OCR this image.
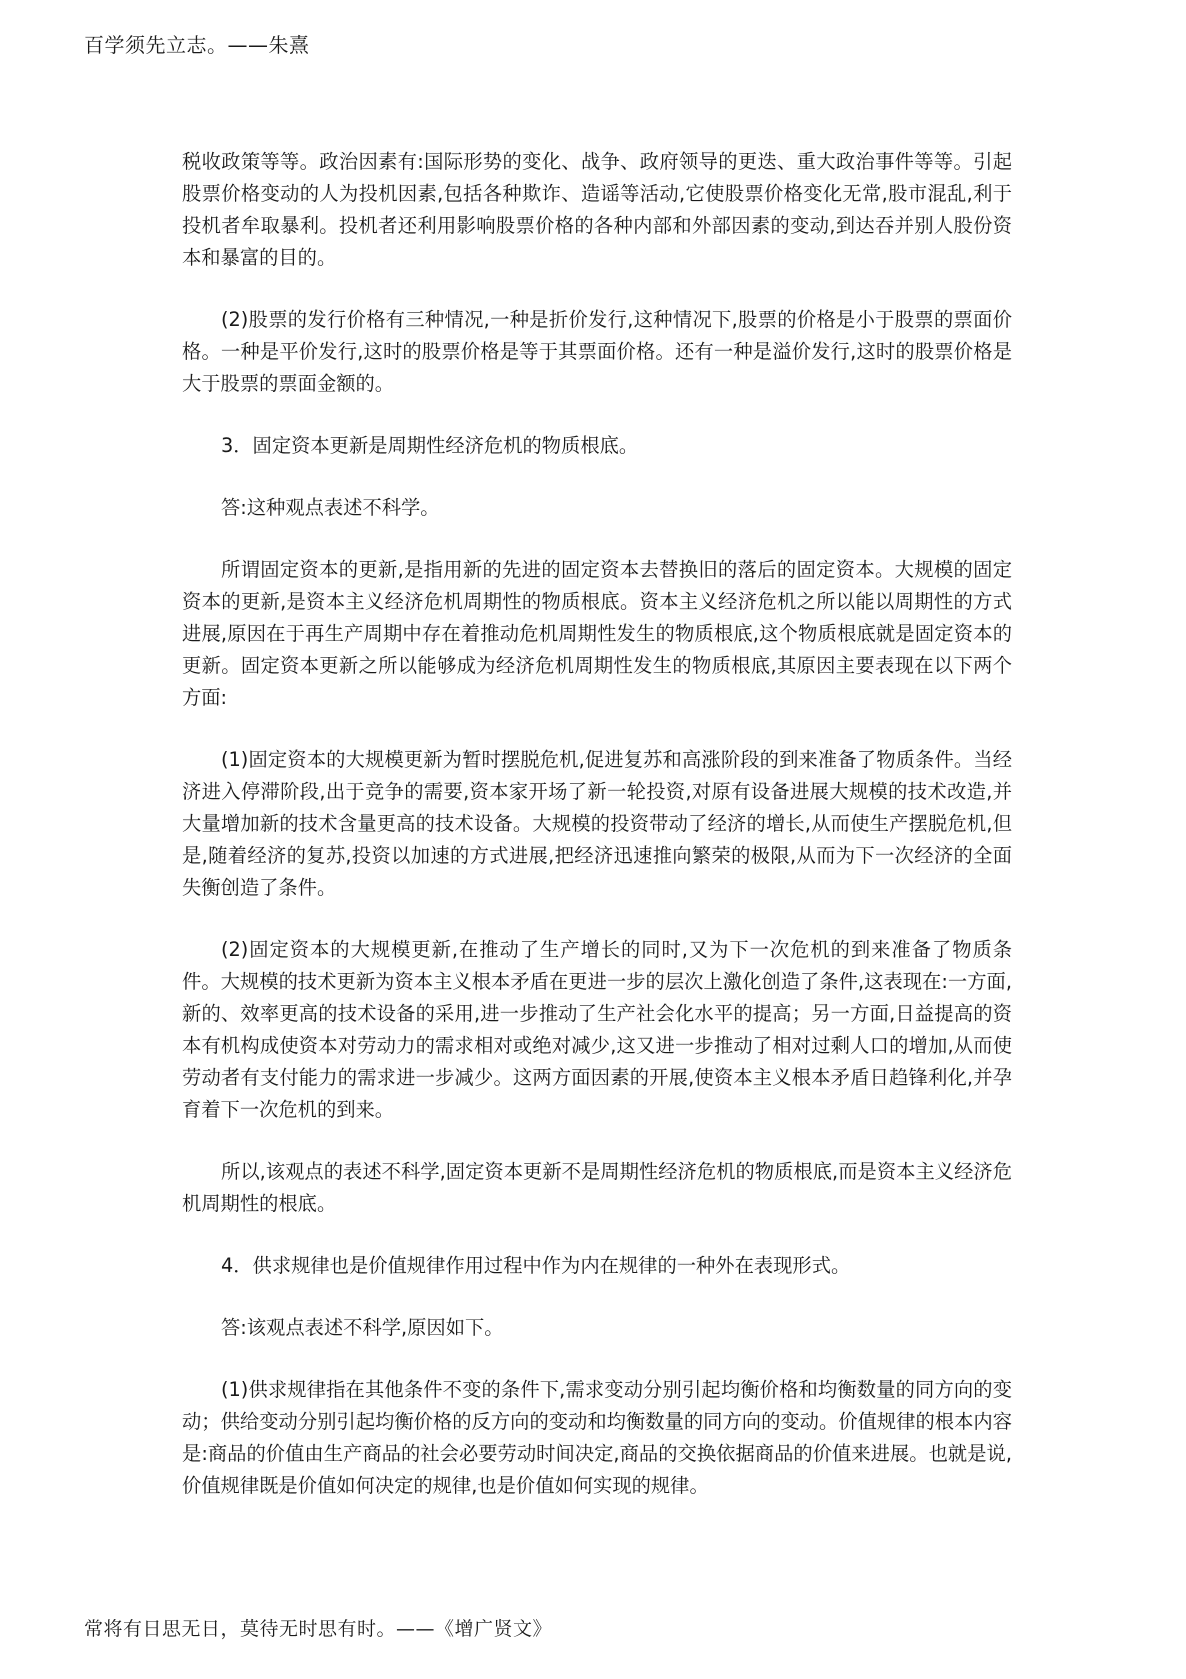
百学须先立志。——朱熹

税收政策等等。政治因素有:国际形势的变化、战争、政府领导的更迭、重大政治事件等等。引起股票价格变动的人为投机因素,包括各种欺诈、造谣等活动,它使股票价格变化无常,股市混乱,利于投机者牟取暴利。投机者还利用影响股票价格的各种内部和外部因素的变动,到达吞并别人股份资本和暴富的目的。

(2)股票的发行价格有三种情况,一种是折价发行,这种情况下,股票的价格是小于股票的票面价格。一种是平价发行,这时的股票价格是等于其票面价格。还有一种是溢价发行,这时的股票价格是大于股票的票面金额的。

3．固定资本更新是周期性经济危机的物质根底。

答:这种观点表述不科学。

所谓固定资本的更新,是指用新的先进的固定资本去替换旧的落后的固定资本。大规模的固定资本的更新,是资本主义经济危机周期性的物质根底。资本主义经济危机之所以能以周期性的方式进展,原因在于再生产周期中存在着推动危机周期性发生的物质根底,这个物质根底就是固定资本的更新。固定资本更新之所以能够成为经济危机周期性发生的物质根底,其原因主要表现在以下两个方面:

(1)固定资本的大规模更新为暂时摆脱危机,促进复苏和高涨阶段的到来准备了物质条件。当经济进入停滞阶段,出于竞争的需要,资本家开场了新一轮投资,对原有设备进展大规模的技术改造,并大量增加新的技术含量更高的技术设备。大规模的投资带动了经济的增长,从而使生产摆脱危机,但是,随着经济的复苏,投资以加速的方式进展,把经济迅速推向繁荣的极限,从而为下一次经济的全面失衡创造了条件。

(2)固定资本的大规模更新,在推动了生产增长的同时,又为下一次危机的到来准备了物质条件。大规模的技术更新为资本主义根本矛盾在更进一步的层次上激化创造了条件,这表现在:一方面,新的、效率更高的技术设备的采用,进一步推动了生产社会化水平的提高；另一方面,日益提高的资本有机构成使资本对劳动力的需求相对或绝对减少,这又进一步推动了相对过剩人口的增加,从而使劳动者有支付能力的需求进一步减少。这两方面因素的开展,使资本主义根本矛盾日趋锋利化,并孕育着下一次危机的到来。

所以,该观点的表述不科学,固定资本更新不是周期性经济危机的物质根底,而是资本主义经济危机周期性的根底。

4．供求规律也是价值规律作用过程中作为内在规律的一种外在表现形式。

答:该观点表述不科学,原因如下。

(1)供求规律指在其他条件不变的条件下,需求变动分别引起均衡价格和均衡数量的同方向的变动；供给变动分别引起均衡价格的反方向的变动和均衡数量的同方向的变动。价值规律的根本内容是:商品的价值由生产商品的社会必要劳动时间决定,商品的交换依据商品的价值来进展。也就是说,价值规律既是价值如何决定的规律,也是价值如何实现的规律。

常将有日思无日，莫待无时思有时。——《增广贤文》
